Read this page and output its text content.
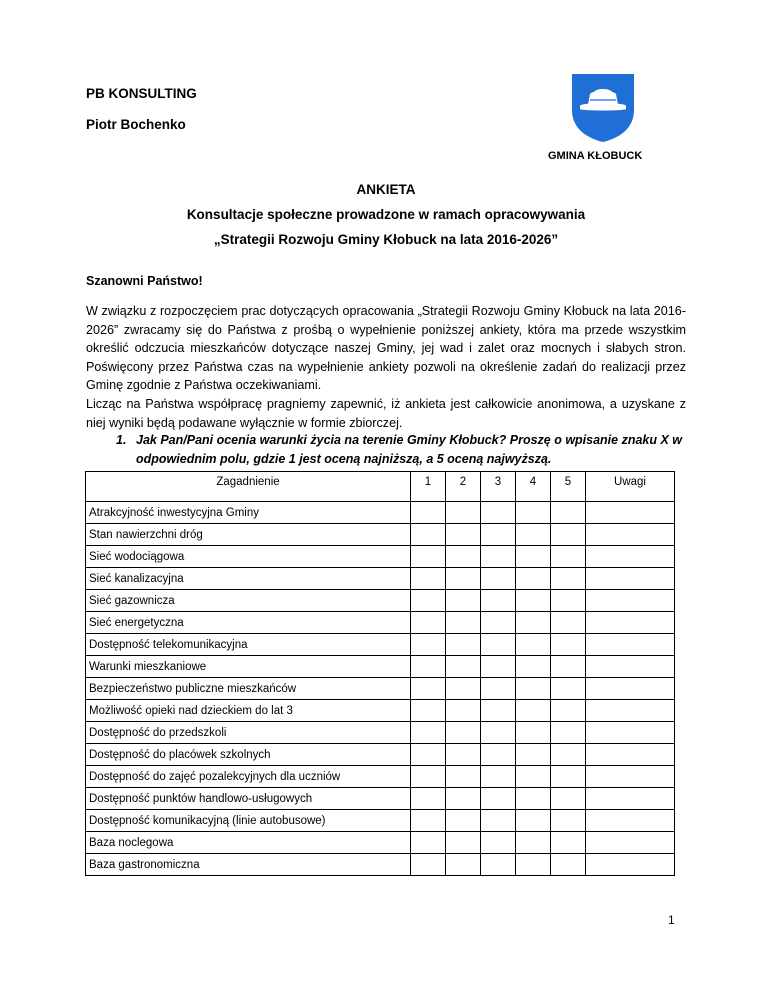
PB KONSULTING
Piotr Bochenko
GMINA KŁOBUCK
ANKIETA
Konsultacje społeczne prowadzone w ramach opracowywania
„Strategii Rozwoju Gminy Kłobuck na lata 2016-2026”
Szanowni Państwo!

W związku z rozpoczęciem prac dotyczących opracowania „Strategii Rozwoju Gminy Kłobuck na lata 2016-2026” zwracamy się do Państwa z prośbą o wypełnienie poniższej ankiety, która ma przede wszystkim określić odczucia mieszkańców dotyczące naszej Gminy, jej wad i zalet oraz mocnych i słabych stron. Poświęcony przez Państwa czas na wypełnienie ankiety pozwoli na określenie zadań do realizacji przez Gminę zgodnie z Państwa oczekiwaniami.

Licząc na Państwa współpracę pragniemy zapewnić, iż ankieta jest całkowicie anonimowa, a uzyskane z niej wyniki będą podawane wyłącznie w formie zbiorczej.

1. Jak Pan/Pani ocenia warunki życia na terenie Gminy Kłobuck? Proszę o wpisanie znaku X w odpowiednim polu, gdzie 1 jest oceną najniższą, a 5 oceną najwyższą.
Zagadnienie	1	2	3	4	5	Uwagi
Atrakcyjność inwestycyjna Gminy						
Stan nawierzchni dróg						
Sieć wodociągowa						
Sieć kanalizacyjna						
Sieć gazownicza						
Sieć energetyczna						
Dostępność telekomunikacyjna						
Warunki mieszkaniowe						
Bezpieczeństwo publiczne mieszkańców						
Możliwość opieki nad dzieckiem do lat 3						
Dostępność do przedszkoli						
Dostępność do placówek szkolnych						
Dostępność do zajęć pozalekcyjnych dla uczniów						
Dostępność punktów handlowo-usługowych						
Dostępność komunikacyjną (linie autobusowe)						
Baza noclegowa						
Baza gastronomiczna						
1
